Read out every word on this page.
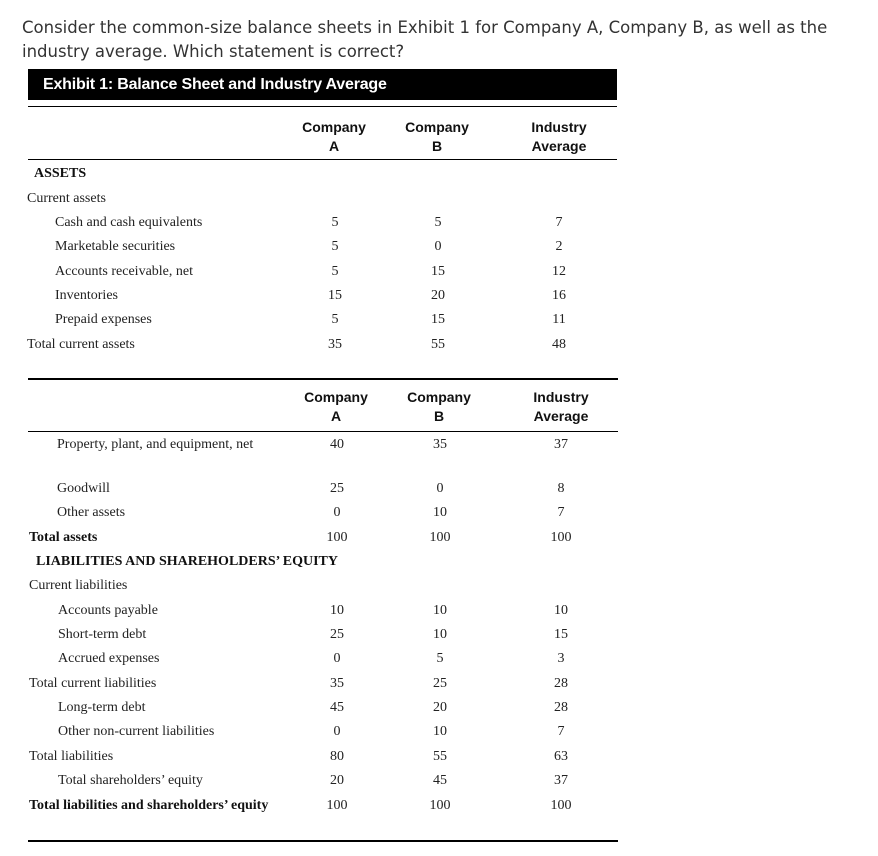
Consider the common-size balance sheets in Exhibit 1 for Company A, Company B, as well as the industry average. Which statement is correct?
Exhibit 1: Balance Sheet and Industry Average
Company
A
Company
B
Industry
Average
ASSETS
Current assets
Cash and cash equivalents	5	5	7
Marketable securities	5	0	2
Accounts receivable, net	5	15	12
Inventories	15	20	16
Prepaid expenses	5	15	11
Total current assets	35	55	48
Company
A
Company
B
Industry
Average
Property, plant, and equipment, net	40	35	37
Goodwill	25	0	8
Other assets	0	10	7
Total assets	100	100	100
LIABILITIES AND SHAREHOLDERS’ EQUITY
Current liabilities
Accounts payable	10	10	10
Short-term debt	25	10	15
Accrued expenses	0	5	3
Total current liabilities	35	25	28
Long-term debt	45	20	28
Other non-current liabilities	0	10	7
Total liabilities	80	55	63
Total shareholders’ equity	20	45	37
Total liabilities and shareholders’ equity	100	100	100
